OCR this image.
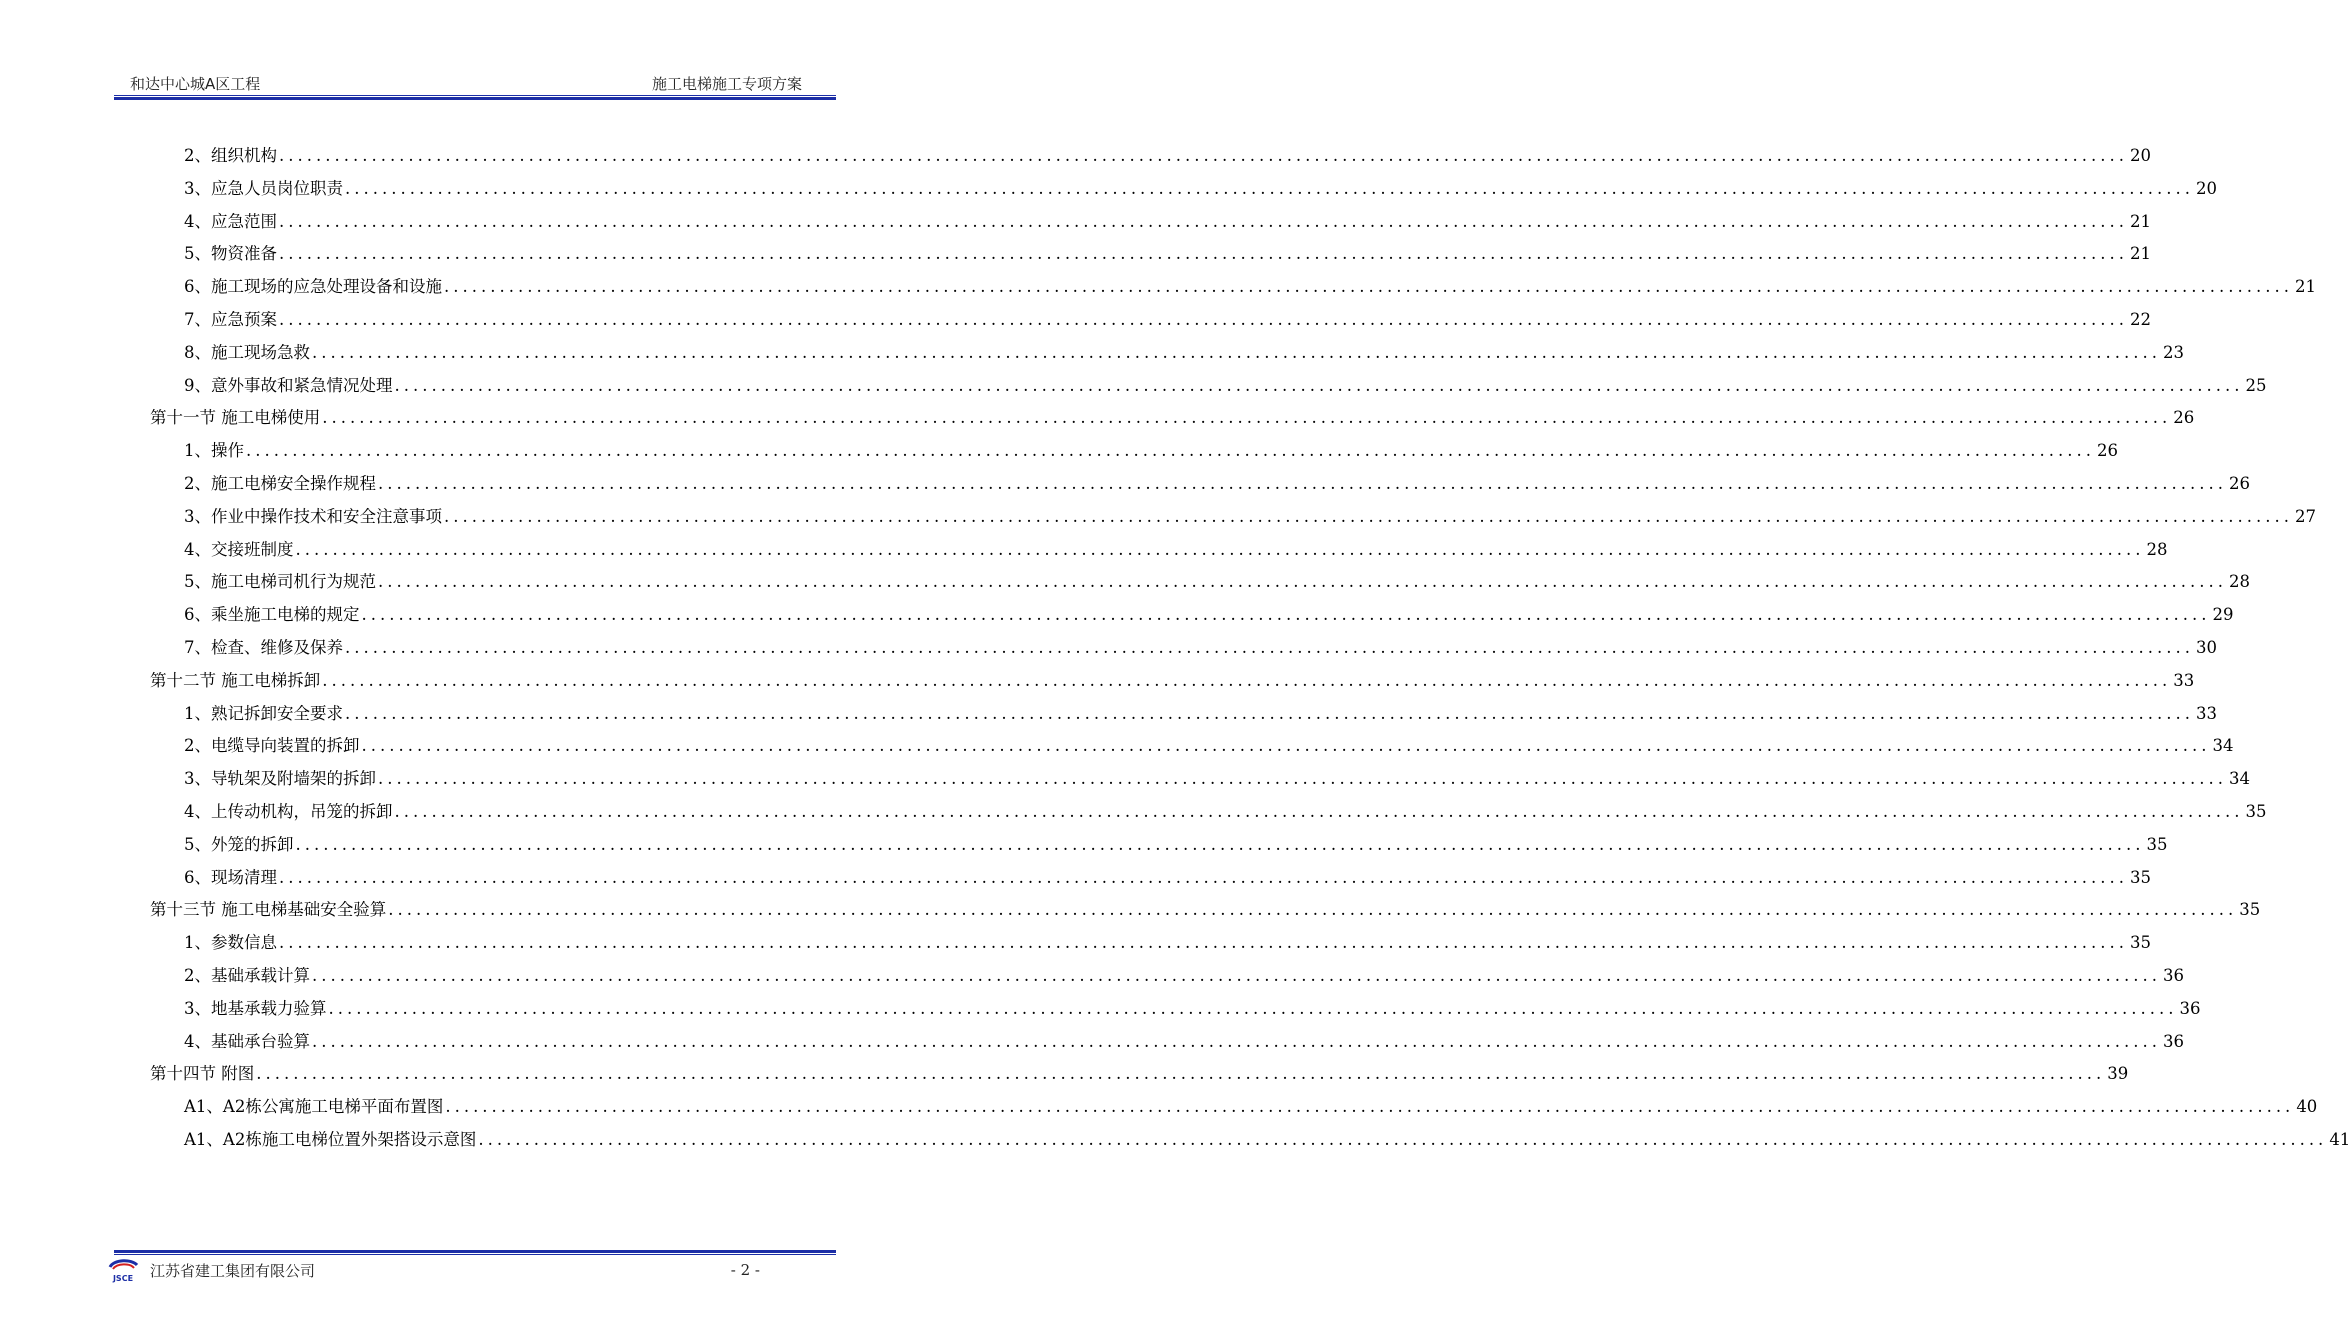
和达中心城A区工程	施工电梯施工专项方案
2、组织机构 ........................................................................................................................................................................................................ 20
3、应急人员岗位职责 ........................................................................................................................................................................................................ 20
4、应急范围 ........................................................................................................................................................................................................ 21
5、物资准备 ........................................................................................................................................................................................................ 21
6、施工现场的应急处理设备和设施 ........................................................................................................................................................................................................ 21
7、应急预案 ........................................................................................................................................................................................................ 22
8、施工现场急救 ........................................................................................................................................................................................................ 23
9、意外事故和紧急情况处理 ........................................................................................................................................................................................................ 25
第十一节 施工电梯使用 ........................................................................................................................................................................................................ 26
1、操作 ........................................................................................................................................................................................................ 26
2、施工电梯安全操作规程 ........................................................................................................................................................................................................ 26
3、作业中操作技术和安全注意事项 ........................................................................................................................................................................................................ 27
4、交接班制度 ........................................................................................................................................................................................................ 28
5、施工电梯司机行为规范 ........................................................................................................................................................................................................ 28
6、乘坐施工电梯的规定 ........................................................................................................................................................................................................ 29
7、检查、维修及保养 ........................................................................................................................................................................................................ 30
第十二节 施工电梯拆卸 ........................................................................................................................................................................................................ 33
1、熟记拆卸安全要求 ........................................................................................................................................................................................................ 33
2、电缆导向装置的拆卸 ........................................................................................................................................................................................................ 34
3、导轨架及附墙架的拆卸 ........................................................................................................................................................................................................ 34
4、上传动机构，吊笼的拆卸 ........................................................................................................................................................................................................ 35
5、外笼的拆卸 ........................................................................................................................................................................................................ 35
6、现场清理 ........................................................................................................................................................................................................ 35
第十三节 施工电梯基础安全验算 ........................................................................................................................................................................................................ 35
1、参数信息 ........................................................................................................................................................................................................ 35
2、基础承载计算 ........................................................................................................................................................................................................ 36
3、地基承载力验算 ........................................................................................................................................................................................................ 36
4、基础承台验算 ........................................................................................................................................................................................................ 36
第十四节 附图 ........................................................................................................................................................................................................ 39
A1、A2栋公寓施工电梯平面布置图 ........................................................................................................................................................................................................ 40
A1、A2栋施工电梯位置外架搭设示意图 ........................................................................................................................................................................................................ 41
JSCE 江苏省建工集团有限公司	- 2 -
